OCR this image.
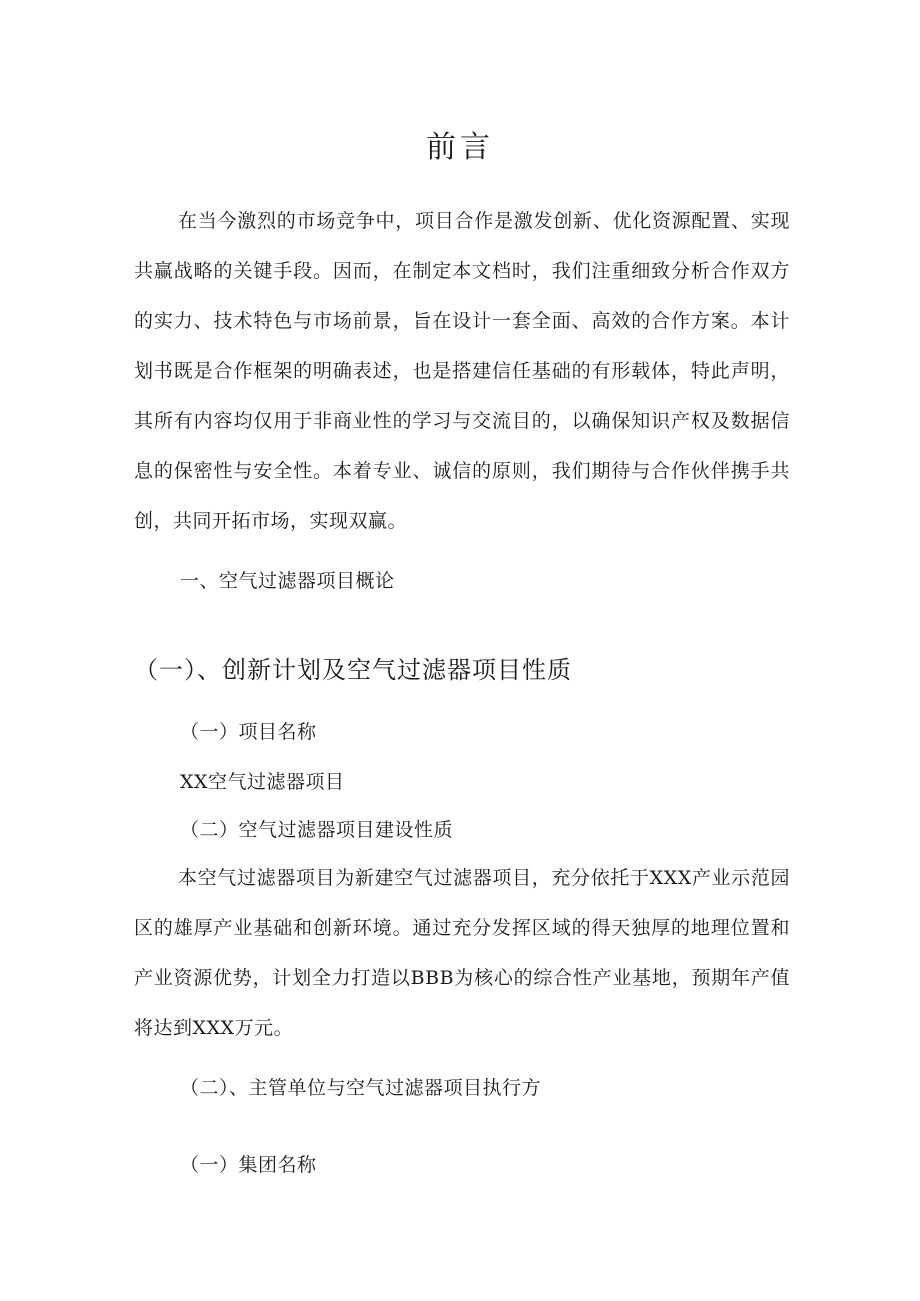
前言

在当今激烈的市场竞争中，项目合作是激发创新、优化资源配置、实现共赢战略的关键手段。因而，在制定本文档时，我们注重细致分析合作双方的实力、技术特色与市场前景，旨在设计一套全面、高效的合作方案。本计划书既是合作框架的明确表述，也是搭建信任基础的有形载体，特此声明，其所有内容均仅用于非商业性的学习与交流目的，以确保知识产权及数据信息的保密性与安全性。本着专业、诚信的原则，我们期待与合作伙伴携手共创，共同开拓市场，实现双赢。

一、空气过滤器项目概论

（一）、创新计划及空气过滤器项目性质

（一）项目名称

XX空气过滤器项目

（二）空气过滤器项目建设性质

本空气过滤器项目为新建空气过滤器项目，充分依托于XXX产业示范园区的雄厚产业基础和创新环境。通过充分发挥区域的得天独厚的地理位置和产业资源优势，计划全力打造以BBB为核心的综合性产业基地，预期年产值将达到XXX万元。

（二）、主管单位与空气过滤器项目执行方

（一）集团名称
